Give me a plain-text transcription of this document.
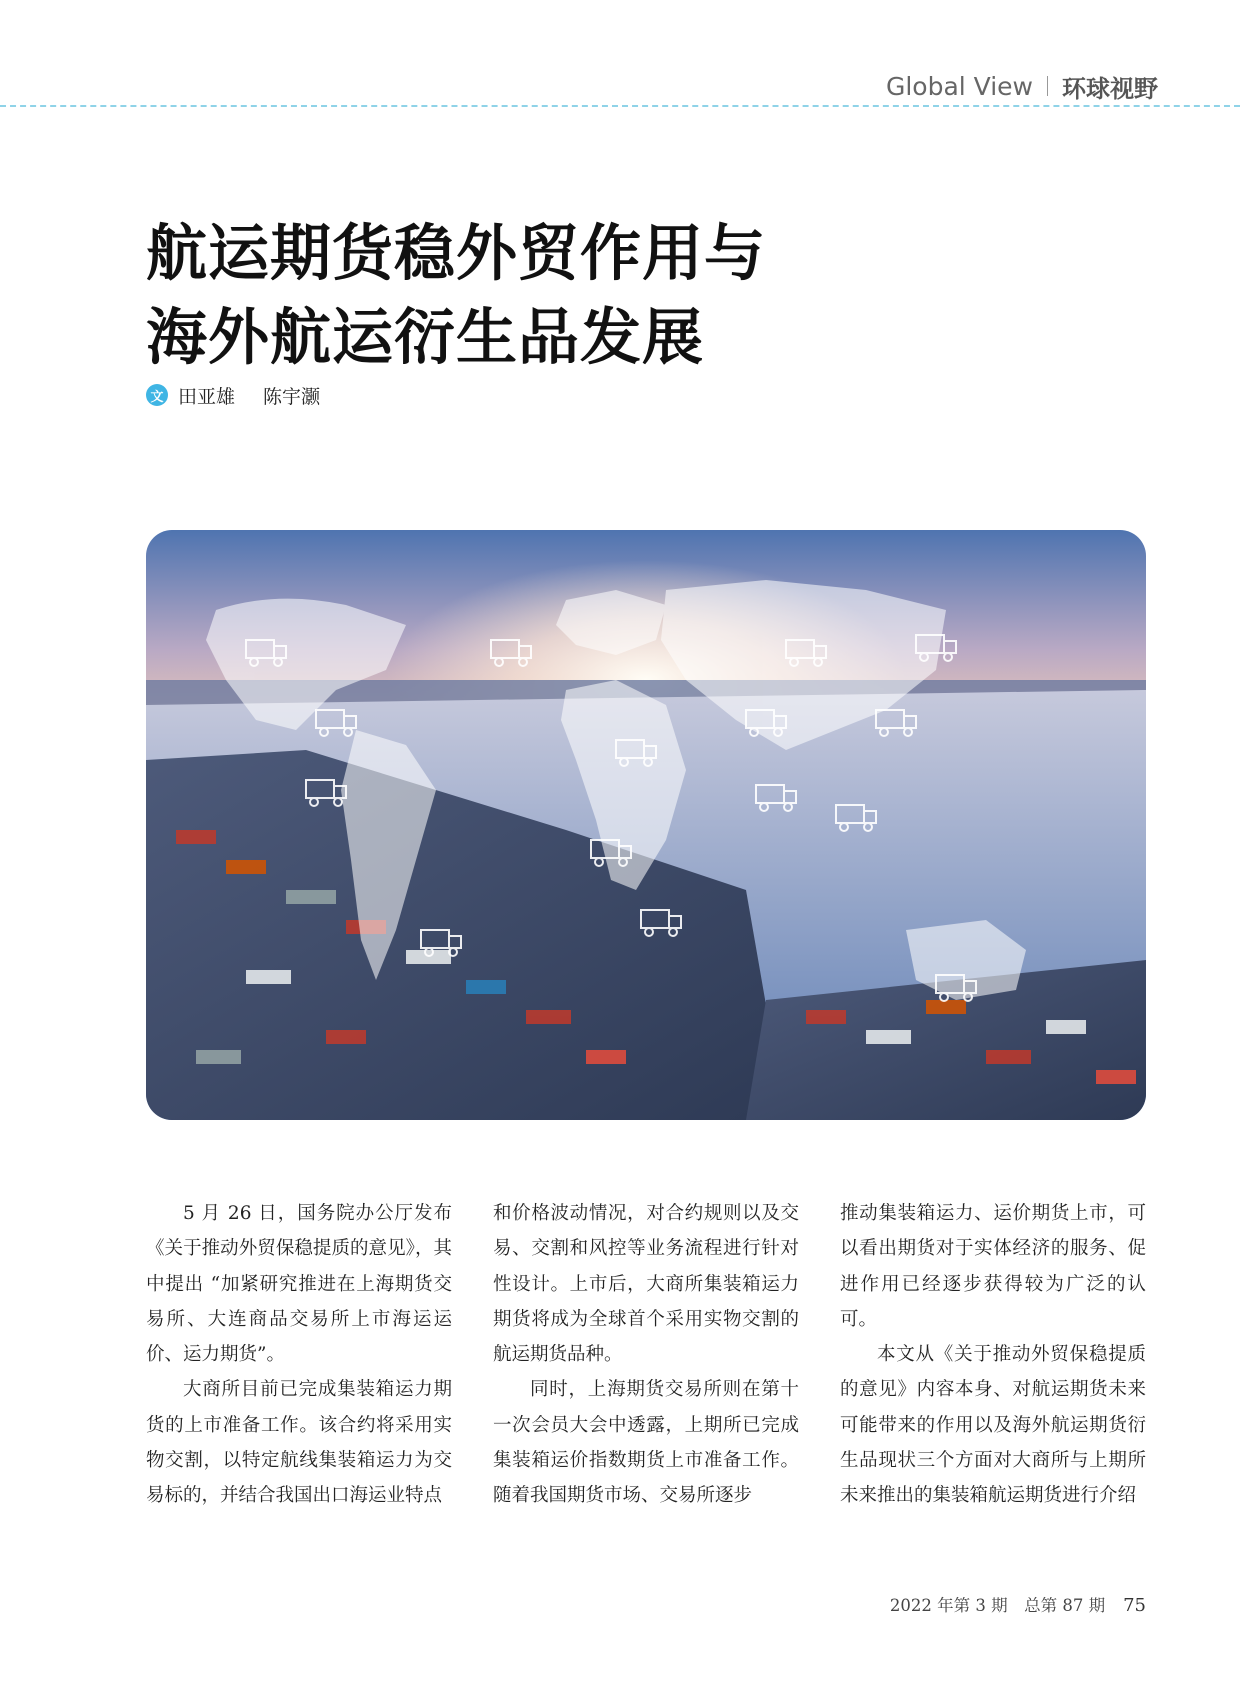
Global View 环球视野
航运期货稳外贸作用与
海外航运衍生品发展
文 田亚雄 陈宇灏

5 月 26 日，国务院办公厅发布《关于推动外贸保稳提质的意见》，其中提出 “加紧研究推进在上海期货交易所、大连商品交易所上市海运运价、运力期货”。

大商所目前已完成集装箱运力期货的上市准备工作。该合约将采用实物交割，以特定航线集装箱运力为交易标的，并结合我国出口海运业特点

和价格波动情况，对合约规则以及交易、交割和风控等业务流程进行针对性设计。上市后，大商所集装箱运力期货将成为全球首个采用实物交割的航运期货品种。

同时，上海期货交易所则在第十一次会员大会中透露，上期所已完成集装箱运价指数期货上市准备工作。随着我国期货市场、交易所逐步

推动集装箱运力、运价期货上市，可以看出期货对于实体经济的服务、促进作用已经逐步获得较为广泛的认可。

本文从《关于推动外贸保稳提质的意见》内容本身、对航运期货未来可能带来的作用以及海外航运期货衍生品现状三个方面对大商所与上期所未来推出的集装箱航运期货进行介绍

2022 年第 3 期　总第 87 期 75
